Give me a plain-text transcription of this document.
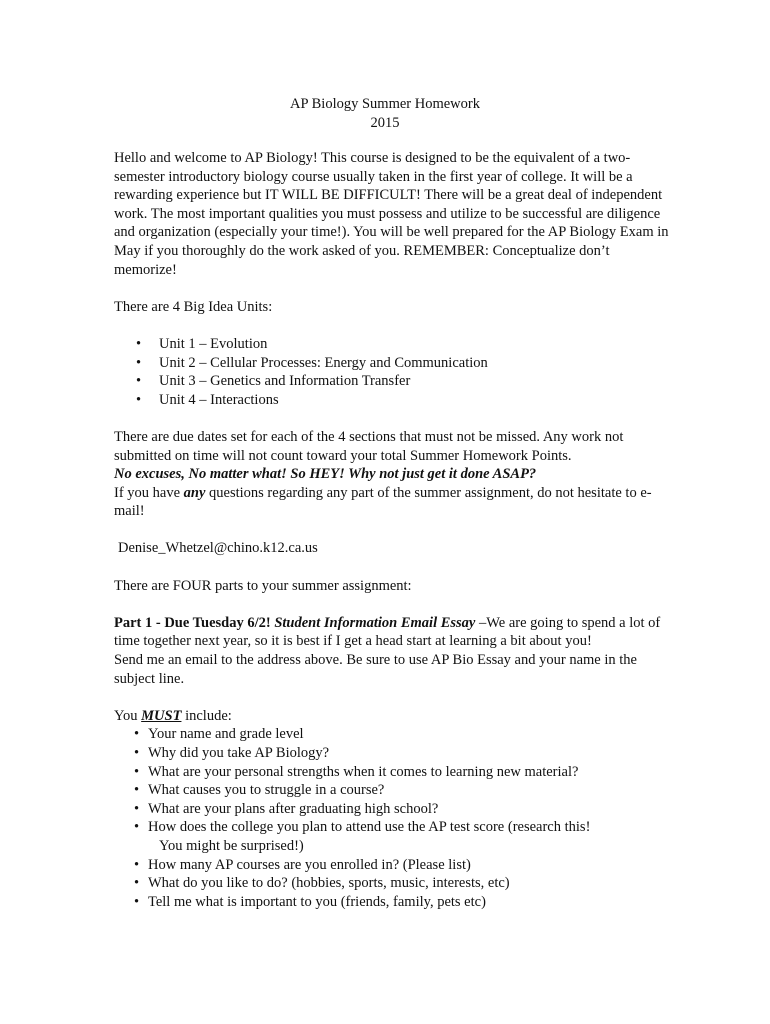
AP Biology Summer Homework
2015

Hello and welcome to AP Biology! This course is designed to be the equivalent of a two- semester introductory biology course usually taken in the first year of college. It will be a rewarding experience but IT WILL BE DIFFICULT! There will be a great deal of independent work. The most important qualities you must possess and utilize to be successful are diligence and organization (especially your time!). You will be well prepared for the AP Biology Exam in May if you thoroughly do the work asked of you. REMEMBER: Conceptualize don’t memorize!

There are 4 Big Idea Units:

• Unit 1 – Evolution
• Unit 2 – Cellular Processes: Energy and Communication
• Unit 3 – Genetics and Information Transfer
• Unit 4 – Interactions

There are due dates set for each of the 4 sections that must not be missed. Any work not submitted on time will not count toward your total Summer Homework Points.
No excuses, No matter what! So HEY! Why not just get it done ASAP?
If you have any questions regarding any part of the summer assignment, do not hesitate to e-mail!

Denise_Whetzel@chino.k12.ca.us

There are FOUR parts to your summer assignment:

Part 1 - Due Tuesday 6/2! Student Information Email Essay –We are going to spend a lot of time together next year, so it is best if I get a head start at learning a bit about you!
Send me an email to the address above. Be sure to use AP Bio Essay and your name in the subject line.

You MUST include:

• Your name and grade level
• Why did you take AP Biology?
• What are your personal strengths when it comes to learning new material?
• What causes you to struggle in a course?
• What are your plans after graduating high school?
• How does the college you plan to attend use the AP test score (research this!
You might be surprised!)
• How many AP courses are you enrolled in? (Please list)
• What do you like to do? (hobbies, sports, music, interests, etc)
• Tell me what is important to you (friends, family, pets etc)
